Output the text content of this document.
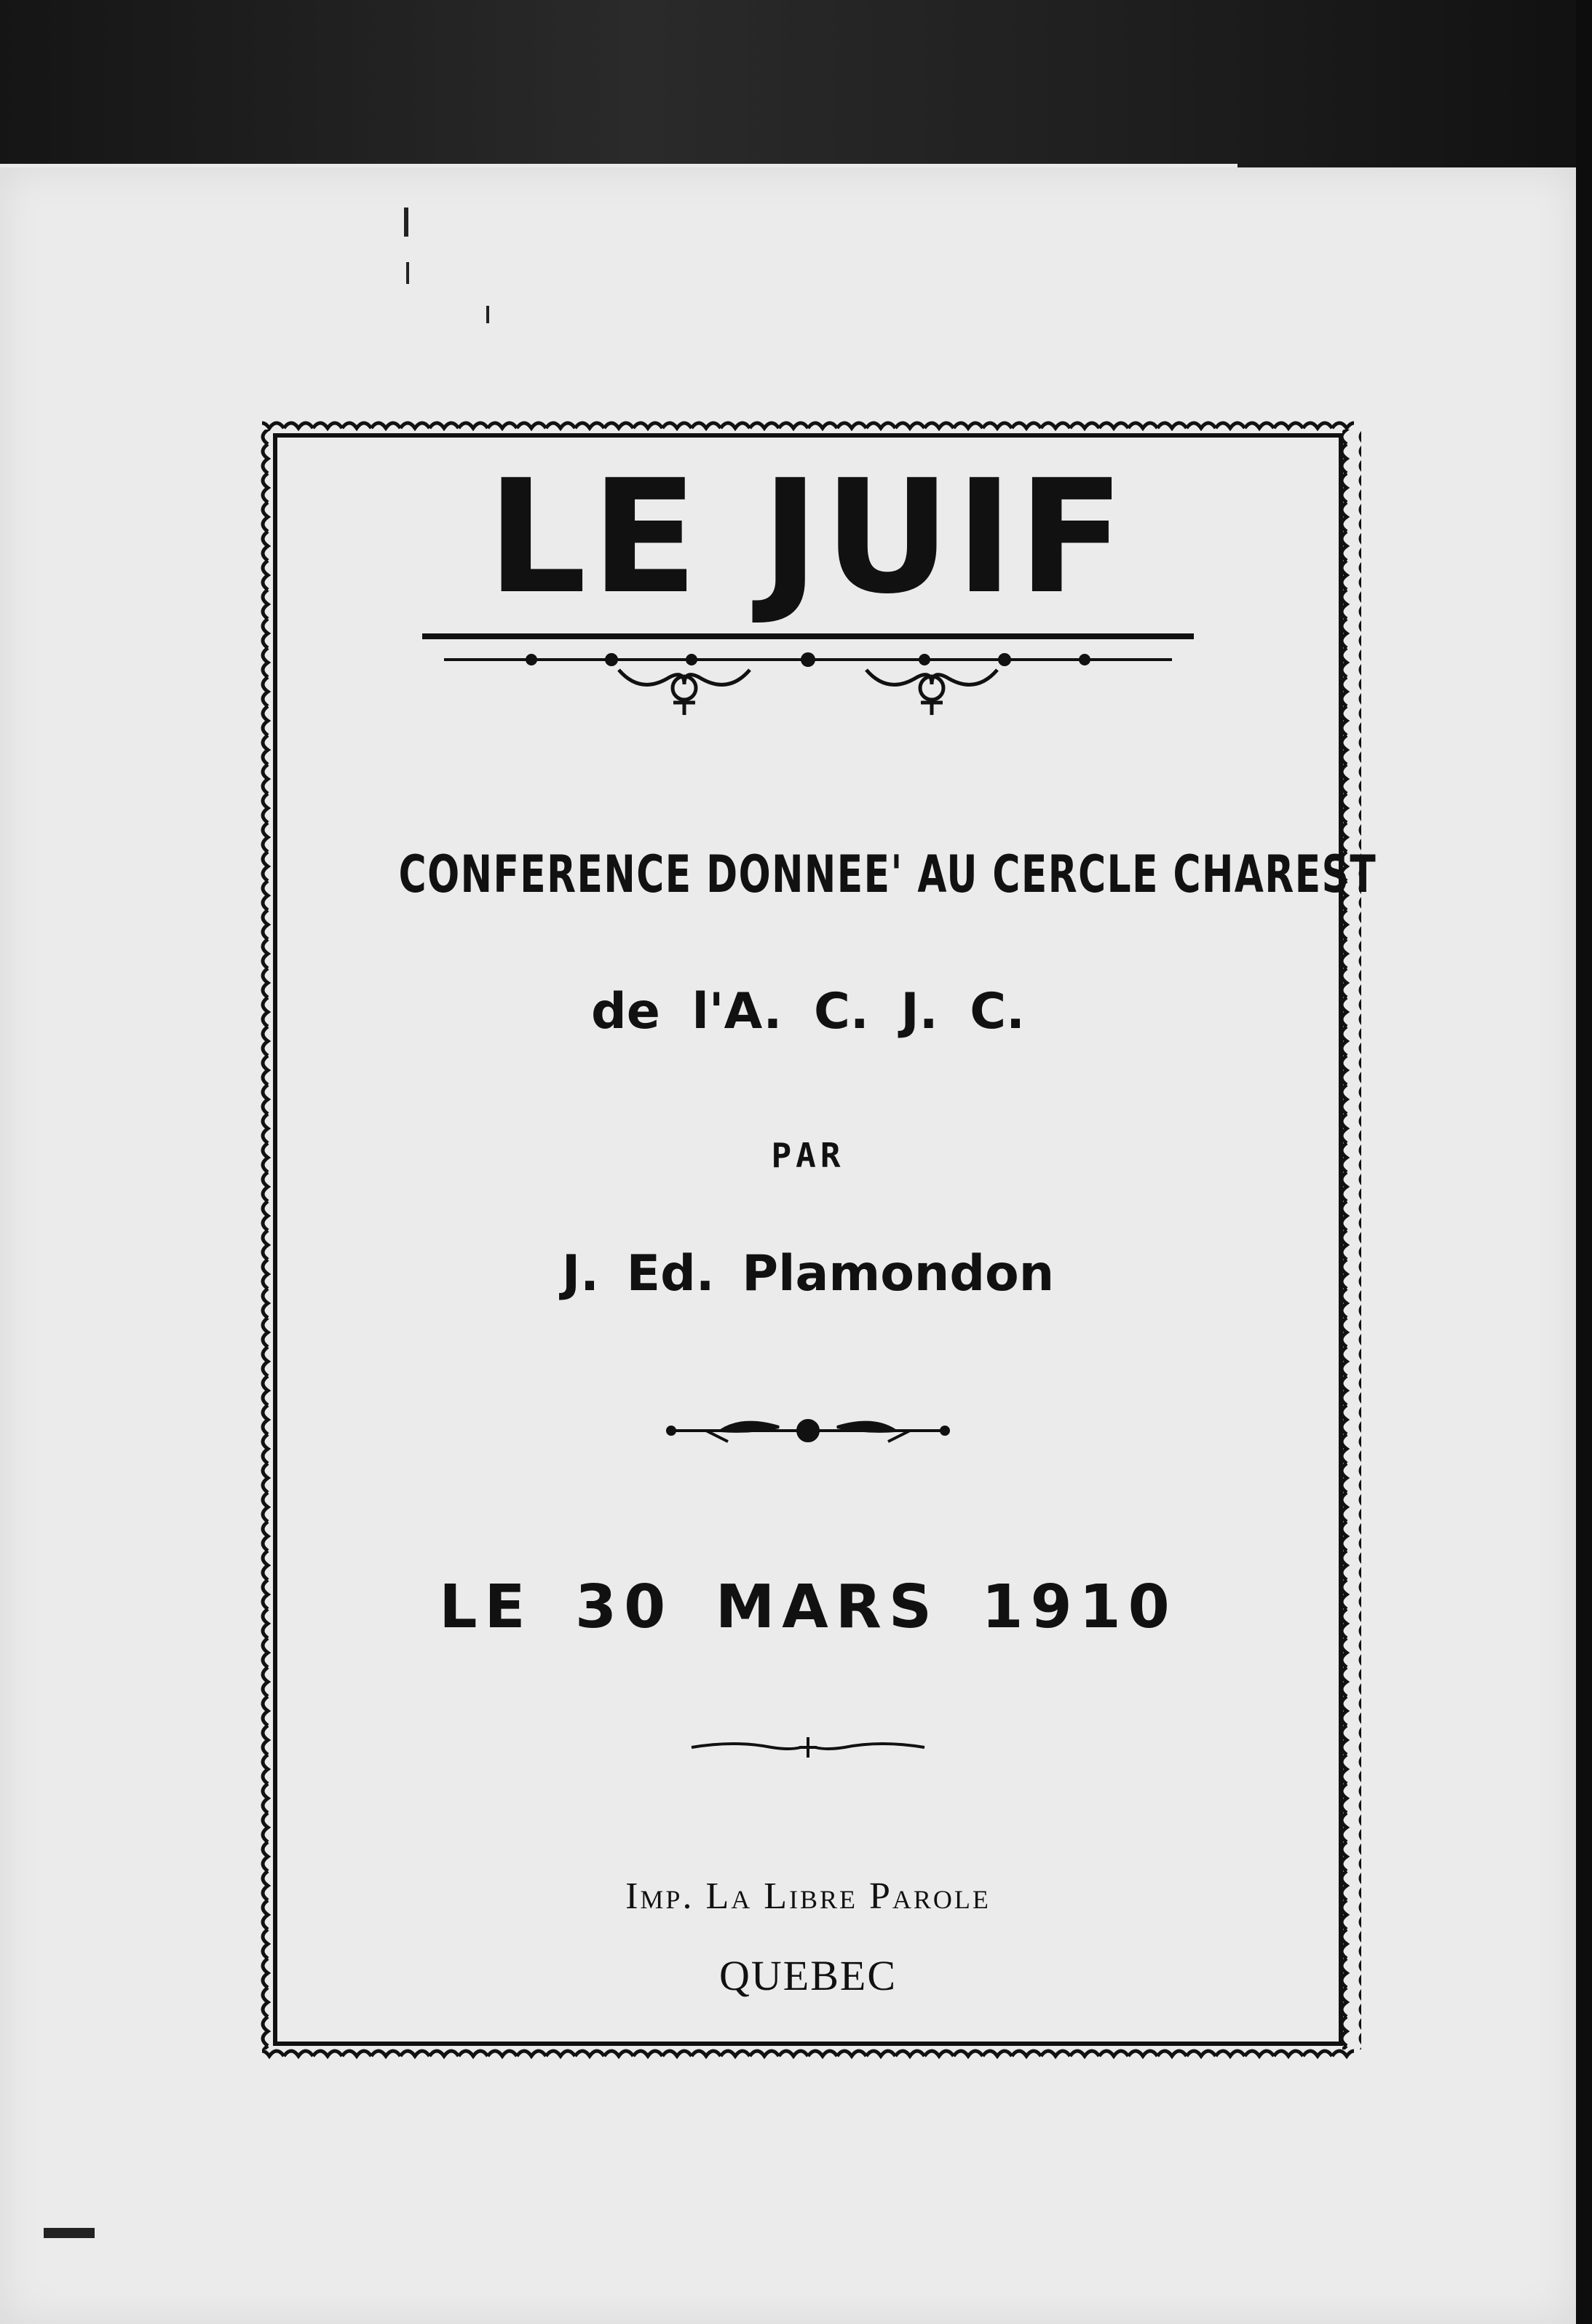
LE JUIF
CONFERENCE DONNEE' AU CERCLE CHAREST
de l'A. C. J. C.
PAR
J. Ed. Plamondon
LE 30 MARS 1910
Imp. La Libre Parole
QUEBEC
